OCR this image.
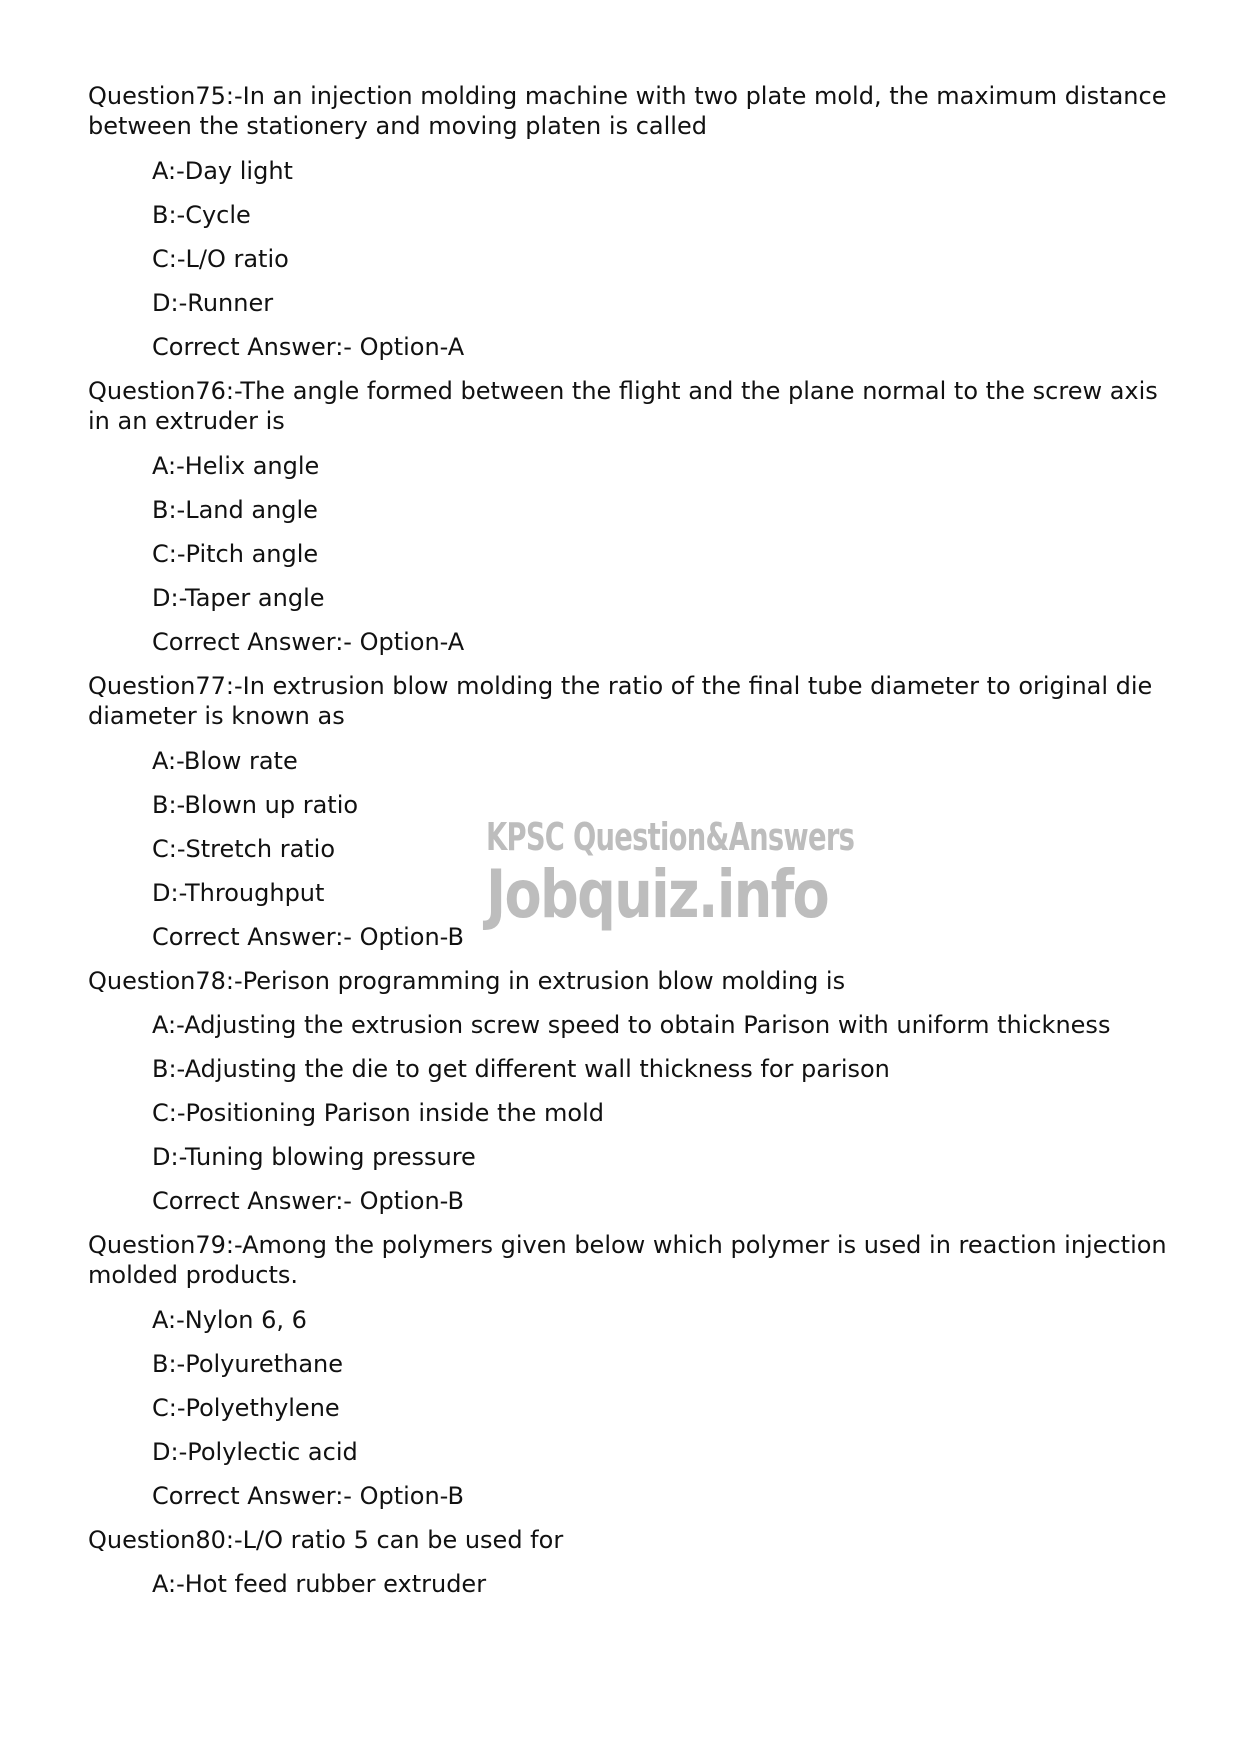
Question75:-In an injection molding machine with two plate mold, the maximum distance between the stationery and moving platen is called
A:-Day light
B:-Cycle
C:-L/O ratio
D:-Runner
Correct Answer:- Option-A
Question76:-The angle formed between the flight and the plane normal to the screw axis in an extruder is
A:-Helix angle
B:-Land angle
C:-Pitch angle
D:-Taper angle
Correct Answer:- Option-A
Question77:-In extrusion blow molding the ratio of the final tube diameter to original die diameter is known as
A:-Blow rate
B:-Blown up ratio
C:-Stretch ratio
D:-Throughput
Correct Answer:- Option-B
Question78:-Perison programming in extrusion blow molding is
A:-Adjusting the extrusion screw speed to obtain Parison with uniform thickness
B:-Adjusting the die to get different wall thickness for parison
C:-Positioning Parison inside the mold
D:-Tuning blowing pressure
Correct Answer:- Option-B
Question79:-Among the polymers given below which polymer is used in reaction injection molded products.
A:-Nylon 6, 6
B:-Polyurethane
C:-Polyethylene
D:-Polylectic acid
Correct Answer:- Option-B
Question80:-L/O ratio 5 can be used for
A:-Hot feed rubber extruder
KPSC Question&Answers
Jobquiz.info
